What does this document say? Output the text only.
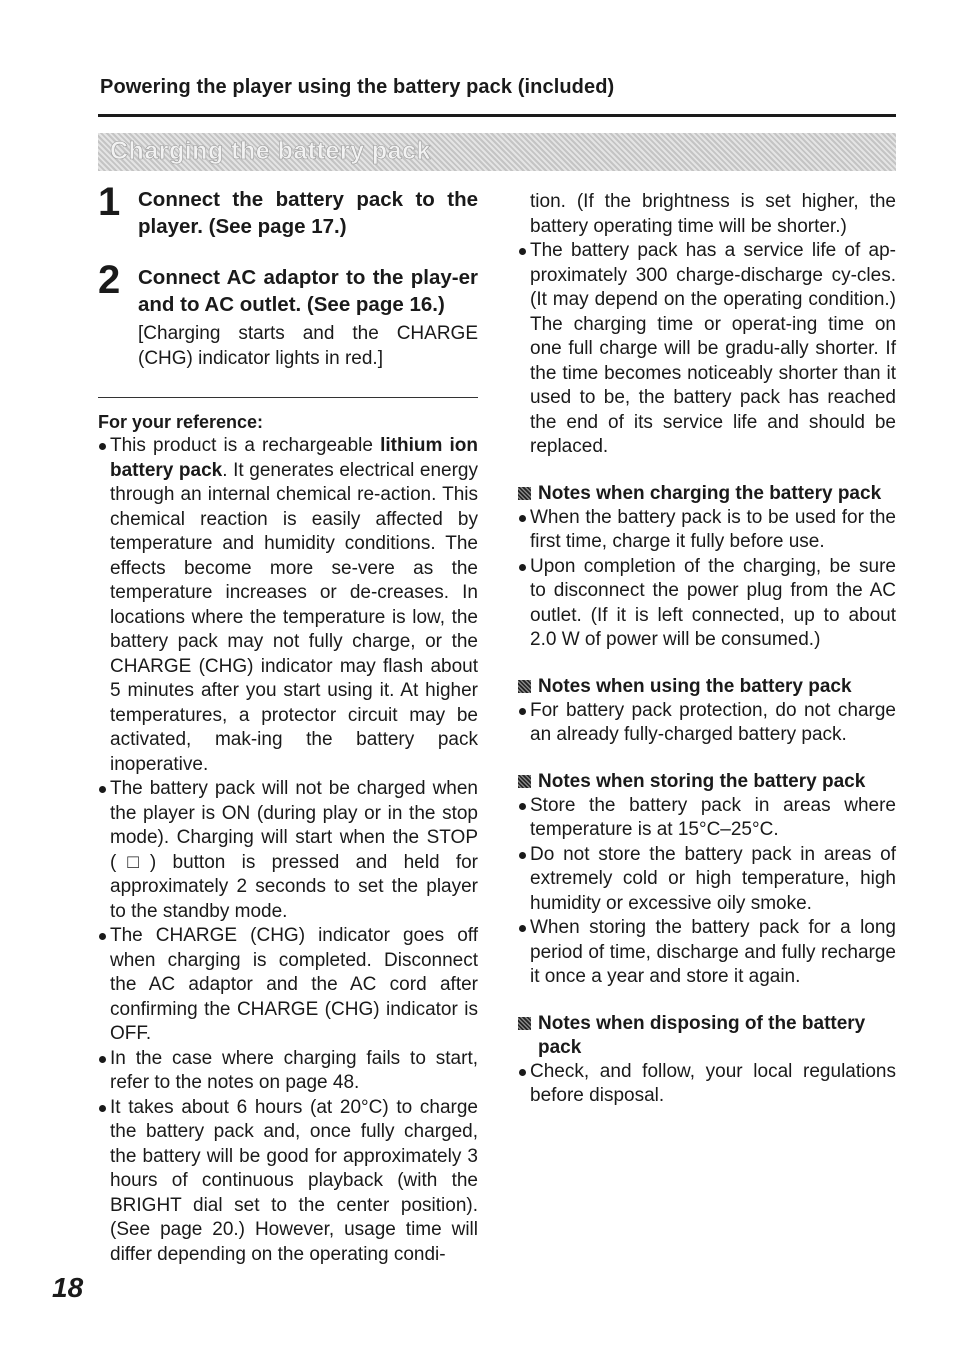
Powering the player using the battery pack (included)
Charging the battery pack
1 Connect the battery pack to the player. (See page 17.)
2 Connect AC adaptor to the play-er and to AC outlet. (See page 16.)
[Charging starts and the CHARGE (CHG) indicator lights in red.]
For your reference:
This product is a rechargeable lithium ion battery pack. It generates electrical energy through an internal chemical re-action. This chemical reaction is easily affected by temperature and humidity conditions. The effects become more se-vere as the temperature increases or de-creases. In locations where the temperature is low, the battery pack may not fully charge, or the CHARGE (CHG) indicator may flash about 5 minutes after you start using it. At higher temperatures, a protector circuit may be activated, mak-ing the battery pack inoperative.
The battery pack will not be charged when the player is ON (during play or in the stop mode). Charging will start when the STOP (□) button is pressed and held for approximately 2 seconds to set the player to the standby mode.
The CHARGE (CHG) indicator goes off when charging is completed. Disconnect the AC adaptor and the AC cord after confirming the CHARGE (CHG) indicator is OFF.
In the case where charging fails to start, refer to the notes on page 48.
It takes about 6 hours (at 20°C) to charge the battery pack and, once fully charged, the battery will be good for approximately 3 hours of continuous playback (with the BRIGHT dial set to the center position). (See page 20.) However, usage time will differ depending on the operating condi-
tion. (If the brightness is set higher, the battery operating time will be shorter.)
The battery pack has a service life of ap-proximately 300 charge-discharge cy-cles. (It may depend on the operating condition.) The charging time or operat-ing time on one full charge will be gradu-ally shorter. If the time becomes noticeably shorter than it used to be, the battery pack has reached the end of its service life and should be replaced.
Notes when charging the battery pack
When the battery pack is to be used for the first time, charge it fully before use.
Upon completion of the charging, be sure to disconnect the power plug from the AC outlet. (If it is left connected, up to about 2.0 W of power will be consumed.)
Notes when using the battery pack
For battery pack protection, do not charge an already fully-charged battery pack.
Notes when storing the battery pack
Store the battery pack in areas where temperature is at 15°C–25°C.
Do not store the battery pack in areas of extremely cold or high temperature, high humidity or excessive oily smoke.
When storing the battery pack for a long period of time, discharge and fully recharge it once a year and store it again.
Notes when disposing of the battery pack
Check, and follow, your local regulations before disposal.
18
